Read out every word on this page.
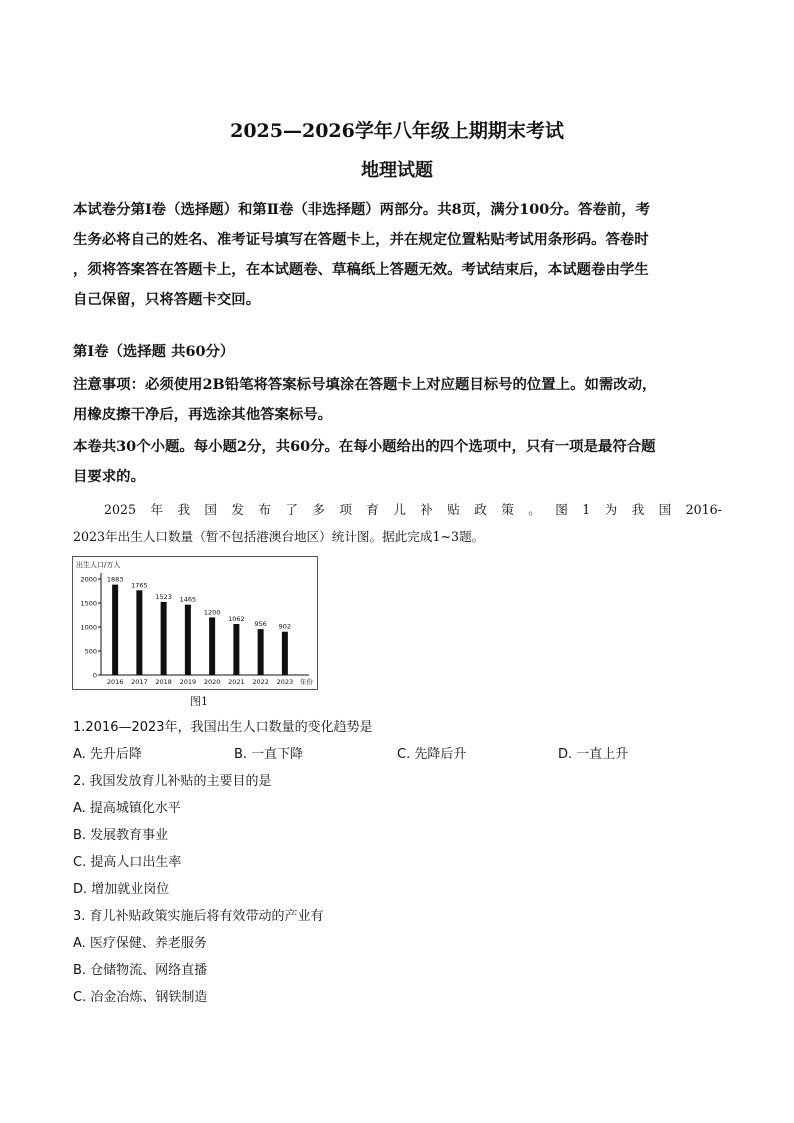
2025—2026学年八年级上期期末考试
地理试题
本试卷分第Ⅰ卷（选择题）和第Ⅱ卷（非选择题）两部分。共8页，满分100分。答卷前，考
生务必将自己的姓名、准考证号填写在答题卡上，并在规定位置粘贴考试用条形码。答卷时
，须将答案答在答题卡上，在本试题卷、草稿纸上答题无效。考试结束后，本试题卷由学生
自己保留，只将答题卡交回。
第Ⅰ卷（选择题 共60分）
注意事项：必须使用2B铅笔将答案标号填涂在答题卡上对应题目标号的位置上。如需改动，
用橡皮擦干净后，再选涂其他答案标号。
本卷共30个小题。每小题2分，共60分。在每小题给出的四个选项中，只有一项是最符合题
目要求的。
2025 年 我 国 发 布 了 多 项 育 儿 补 贴 政 策 。 图 1 为 我 国 2016-
2023年出生人口数量（暂不包括港澳台地区）统计图。据此完成1~3题。
出生人口/万人
0
500
1000
1500
2000 1883
2016
1765
2017
1523
2018
1465
2019
1200
2020
1062
2021
956
2022
902
2023 年份
图1
1.2016—2023年，我国出生人口数量的变化趋势是
A. 先升后降	B. 一直下降	C. 先降后升	D. 一直上升
2. 我国发放育儿补贴的主要目的是
A. 提高城镇化水平
B. 发展教育事业
C. 提高人口出生率
D. 增加就业岗位
3. 育儿补贴政策实施后将有效带动的产业有
A. 医疗保健、养老服务
B. 仓储物流、网络直播
C. 冶金冶炼、钢铁制造
